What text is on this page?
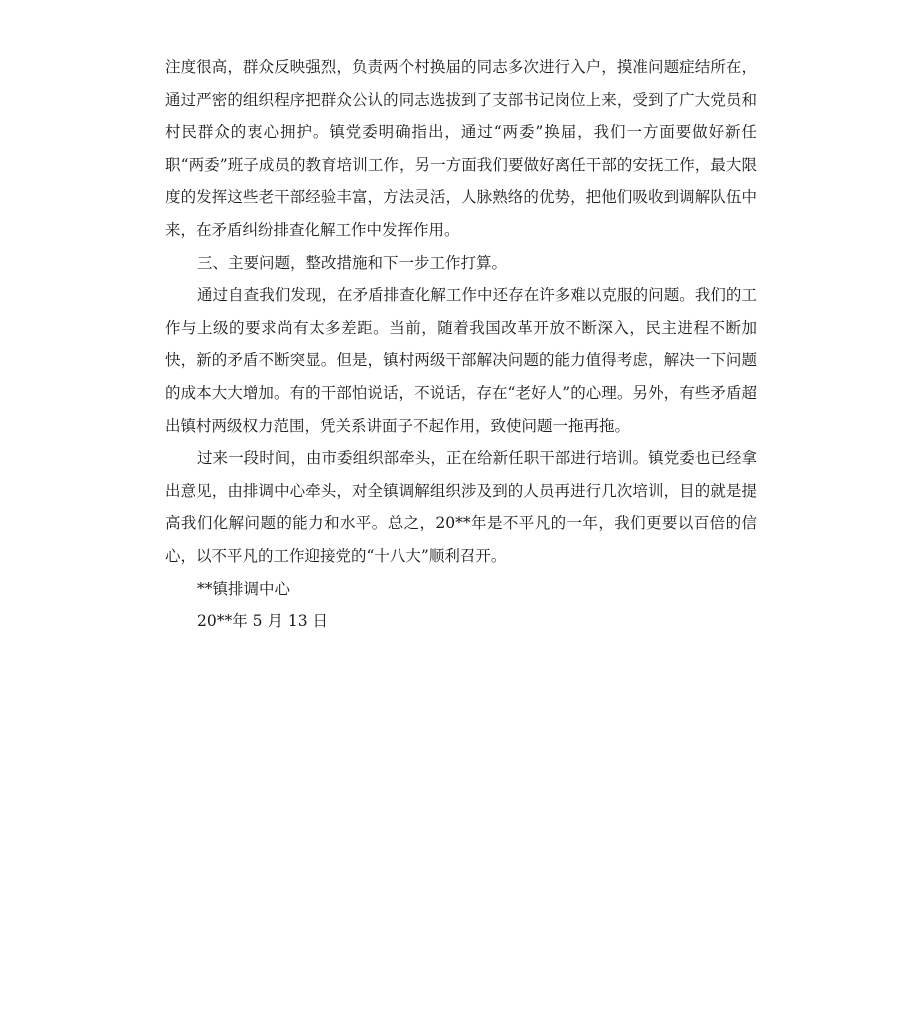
注度很高，群众反映强烈，负责两个村换届的同志多次进行入户，摸准问题症结所在，通过严密的组织程序把群众公认的同志选拔到了支部书记岗位上来，受到了广大党员和村民群众的衷心拥护。镇党委明确指出，通过“两委”换届，我们一方面要做好新任职“两委”班子成员的教育培训工作，另一方面我们要做好离任干部的安抚工作，最大限度的发挥这些老干部经验丰富，方法灵活，人脉熟络的优势，把他们吸收到调解队伍中来，在矛盾纠纷排查化解工作中发挥作用。

三、主要问题，整改措施和下一步工作打算。

通过自查我们发现，在矛盾排查化解工作中还存在许多难以克服的问题。我们的工作与上级的要求尚有太多差距。当前，随着我国改革开放不断深入，民主进程不断加快，新的矛盾不断突显。但是，镇村两级干部解决问题的能力值得考虑，解决一下问题的成本大大增加。有的干部怕说话，不说话，存在“老好人”的心理。另外，有些矛盾超出镇村两级权力范围，凭关系讲面子不起作用，致使问题一拖再拖。

过来一段时间，由市委组织部牵头，正在给新任职干部进行培训。镇党委也已经拿出意见，由排调中心牵头，对全镇调解组织涉及到的人员再进行几次培训，目的就是提高我们化解问题的能力和水平。总之，20**年是不平凡的一年，我们更要以百倍的信心，以不平凡的工作迎接党的“十八大”顺利召开。

**镇排调中心

20**年 5 月 13 日
